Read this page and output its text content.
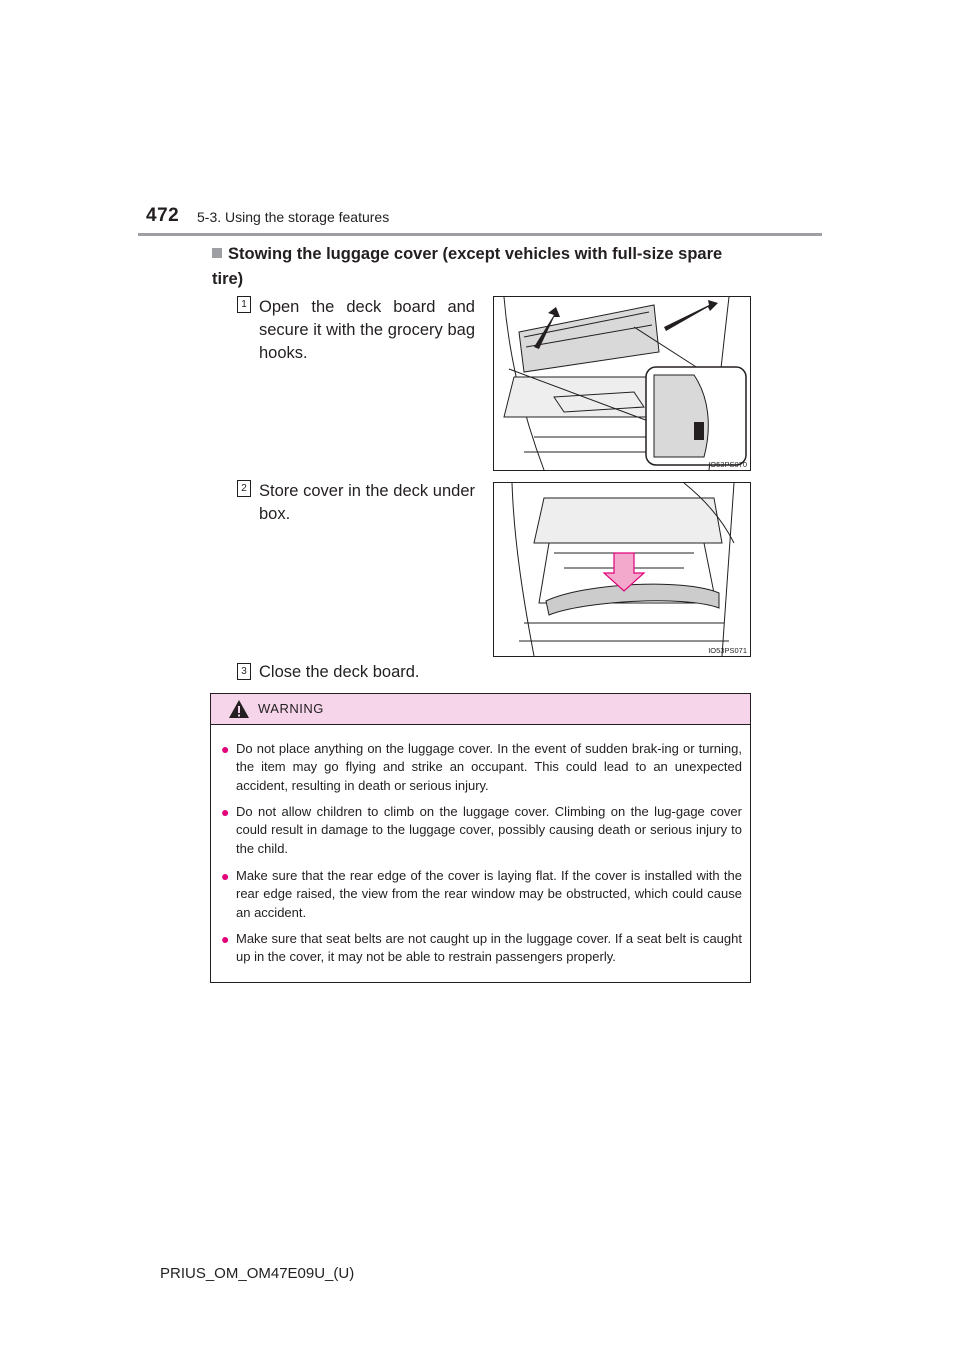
472 5-3. Using the storage features
Stowing the luggage cover (except vehicles with full-size spare tire)
1 Open the deck board and secure it with the grocery bag hooks.
IO53PS070
2 Store cover in the deck under box.
IO53PS071
3 Close the deck board.
WARNING
● Do not place anything on the luggage cover. In the event of sudden brak-ing or turning, the item may go flying and strike an occupant. This could lead to an unexpected accident, resulting in death or serious injury.
● Do not allow children to climb on the luggage cover. Climbing on the lug-gage cover could result in damage to the luggage cover, possibly causing death or serious injury to the child.
● Make sure that the rear edge of the cover is laying flat. If the cover is installed with the rear edge raised, the view from the rear window may be obstructed, which could cause an accident.
● Make sure that seat belts are not caught up in the luggage cover. If a seat belt is caught up in the cover, it may not be able to restrain passengers properly.
PRIUS_OM_OM47E09U_(U)
